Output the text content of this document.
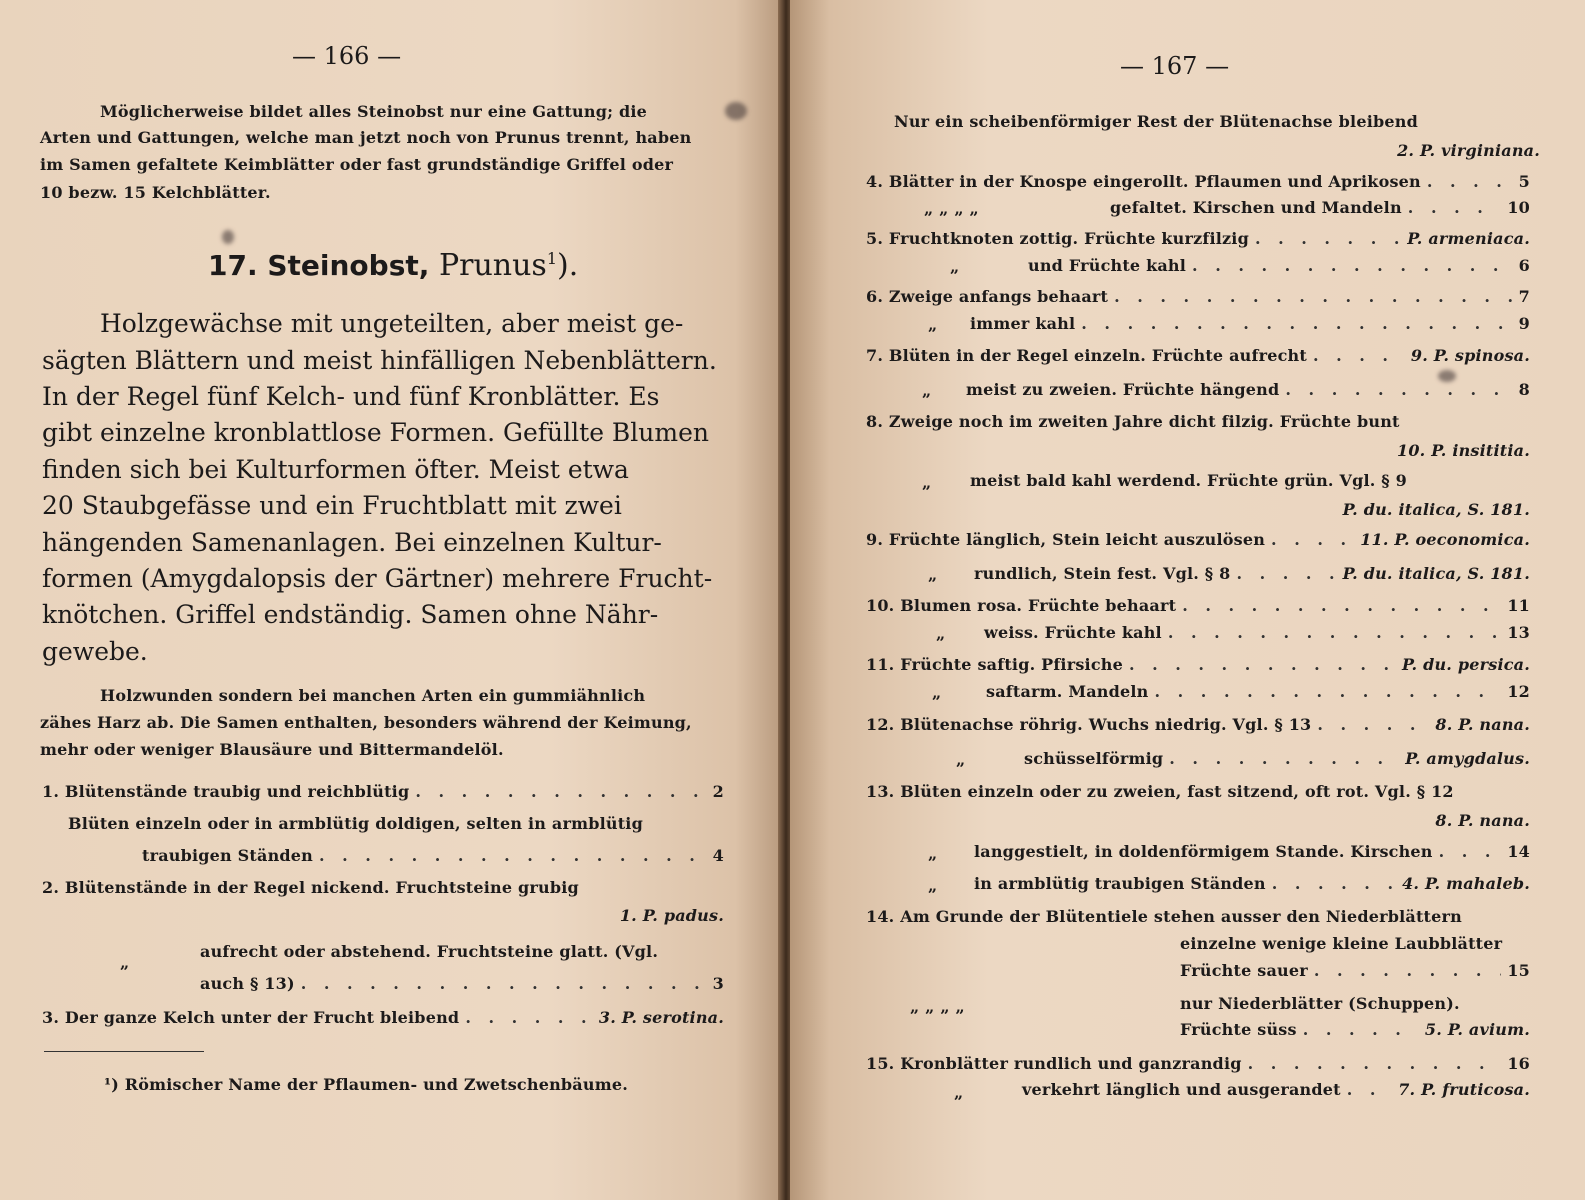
— 166 —
Möglicherweise bildet alles Steinobst nur eine Gattung; die
Arten und Gattungen, welche man jetzt noch von Prunus trennt, haben
im Samen gefaltete Keimblätter oder fast grundständige Griffel oder
10 bezw. 15 Kelchblätter.
17. Steinobst, Prunus$^1$).
Holzgewächse mit ungeteilten, aber meist ge-
sägten Blättern und meist hinfälligen Nebenblättern.
In der Regel fünf Kelch- und fünf Kronblätter. Es
gibt einzelne kronblattlose Formen. Gefüllte Blumen
finden sich bei Kulturformen öfter. Meist etwa
20 Staubgefässe und ein Fruchtblatt mit zwei
hängenden Samenanlagen. Bei einzelnen Kultur-
formen (Amygdalopsis der Gärtner) mehrere Frucht-
knötchen. Griffel endständig. Samen ohne Nähr-
gewebe.
Holzwunden sondern bei manchen Arten ein gummiähnlich
zähes Harz ab. Die Samen enthalten, besonders während der Keimung,
mehr oder weniger Blausäure und Bittermandelöl.
1. Blütenstände traubig und reichblütig . . .	2
Blüten einzeln oder in armblütig doldigen, selten in armblütig
traubigen Ständen . . .	4
2. Blütenstände in der Regel nickend. Fruchtsteine grubig
1. P. padus.
„
aufrecht oder abstehend. Fruchtsteine glatt. (Vgl.
auch § 13) . . .	3
3. Der ganze Kelch unter der Frucht bleibend . . .	3. P. serotina.
¹) Römischer Name der Pflaumen- und Zwetschenbäume.
— 167 —
Nur ein scheibenförmiger Rest der Blütenachse bleibend
2. P. virginiana.
4. Blätter in der Knospe eingerollt. Pflaumen und Aprikosen . . .	5
„ „ „ „	gefaltet. Kirschen und Mandeln . . .	10
5. Fruchtknoten zottig. Früchte kurzfilzig . . .	P. armeniaca.
„	und Früchte kahl . . .	6
6. Zweige anfangs behaart . . .	7
„ immer kahl . . .	9
7. Blüten in der Regel einzeln. Früchte aufrecht . . .	9. P. spinosa.
„ meist zu zweien. Früchte hängend . . .	8
8. Zweige noch im zweiten Jahre dicht filzig. Früchte bunt
10. P. insititia.
„ meist bald kahl werdend. Früchte grün. Vgl. § 9
P. du. italica, S. 181.
9. Früchte länglich, Stein leicht auszulösen . . .	11. P. oeconomica.
„ rundlich, Stein fest. Vgl. § 8 . . .	P. du. italica, S. 181.
10. Blumen rosa. Früchte behaart . . .	11
„ weiss. Früchte kahl . . .	13
11. Früchte saftig. Pfirsiche . . .	P. du. persica.
„	saftarm. Mandeln . . .	12
12. Blütenachse röhrig. Wuchs niedrig. Vgl. § 13 . . .	8. P. nana.
„	schüsselförmig . . .	P. amygdalus.
13. Blüten einzeln oder zu zweien, fast sitzend, oft rot. Vgl. § 12
8. P. nana.
„ langgestielt, in doldenförmigem Stande. Kirschen . . .	14
„ in armblütig traubigen Ständen . . .	4. P. mahaleb.
14. Am Grunde der Blütentiele stehen ausser den Niederblättern
einzelne wenige kleine Laubblätter
Früchte sauer . . .	15
„ „ „ „	nur Niederblätter (Schuppen).
Früchte süss . . .	5. P. avium.
15. Kronblätter rundlich und ganzrandig . . .	16
„	verkehrt länglich und ausgerandet . . .	7. P. fruticosa.
